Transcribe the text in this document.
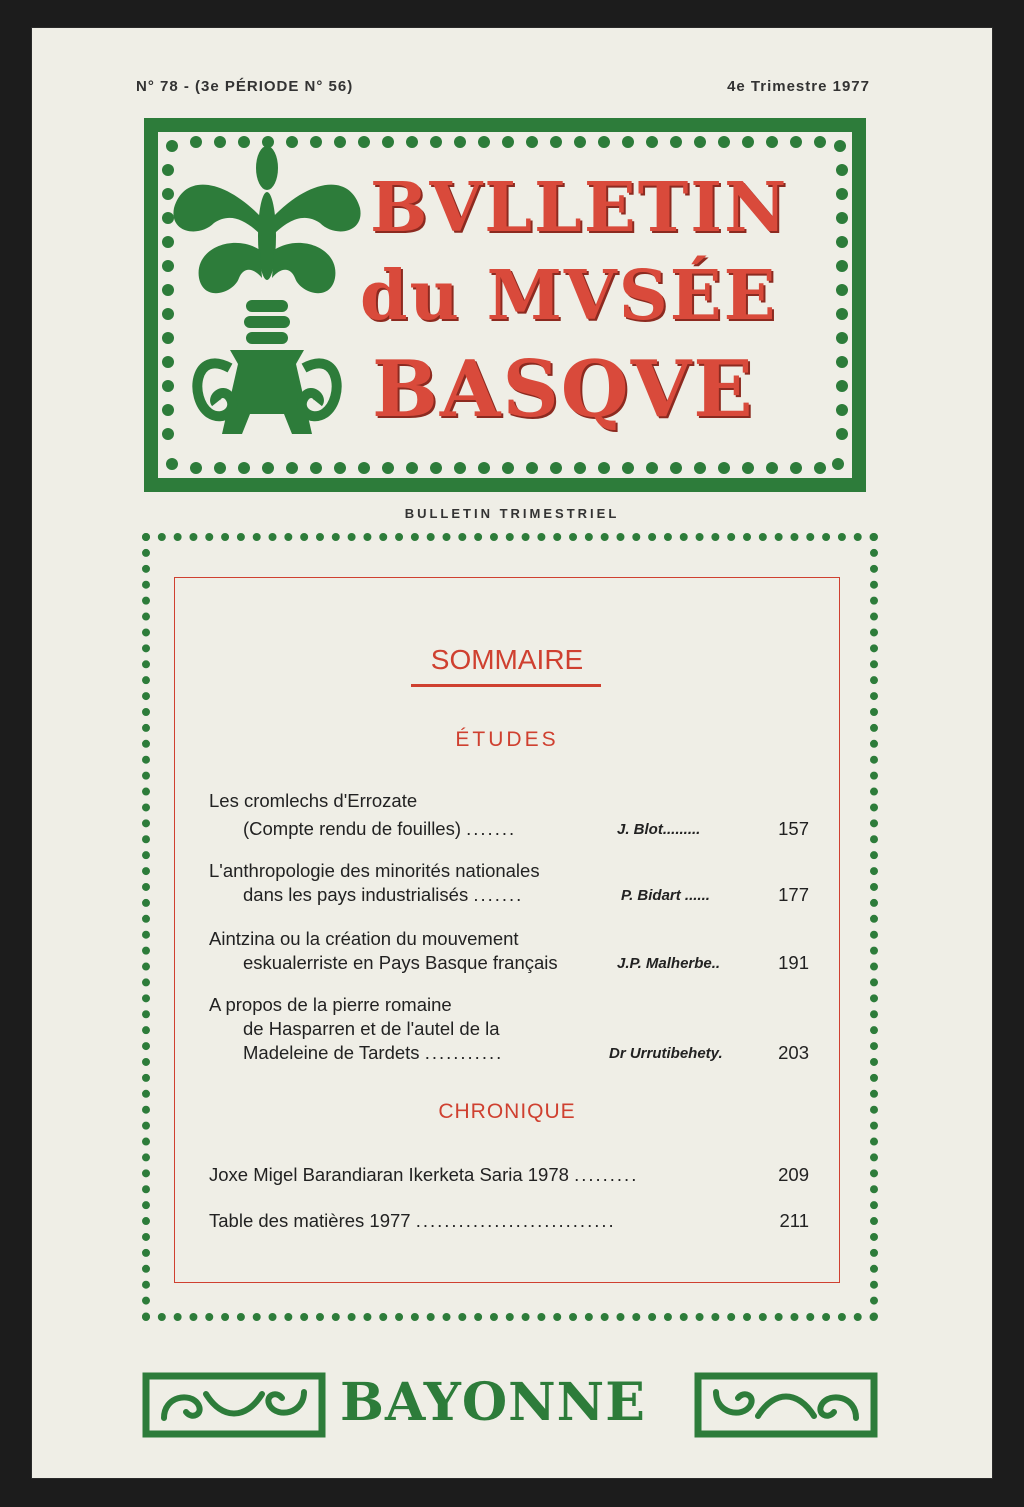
N° 78 - (3e PÉRIODE N° 56)	4e Trimestre 1977
BVLLETIN
du MVSÉE
BASQVE
BULLETIN TRIMESTRIEL
SOMMAIRE
ÉTUDES
Les cromlechs d'Errozate
(Compte rendu de fouilles) .......	J. Blot.........	157
L'anthropologie des minorités nationales
dans les pays industrialisés .......	P. Bidart ......	177
Aintzina ou la création du mouvement
eskualerriste en Pays Basque français	J.P. Malherbe..	191
A propos de la pierre romaine
de Hasparren et de l'autel de la
Madeleine de Tardets ...........	Dr Urrutibehety.	203
CHRONIQUE
Joxe Migel Barandiaran Ikerketa Saria 1978 .........	209
Table des matières 1977 ............................	211
BAYONNE
